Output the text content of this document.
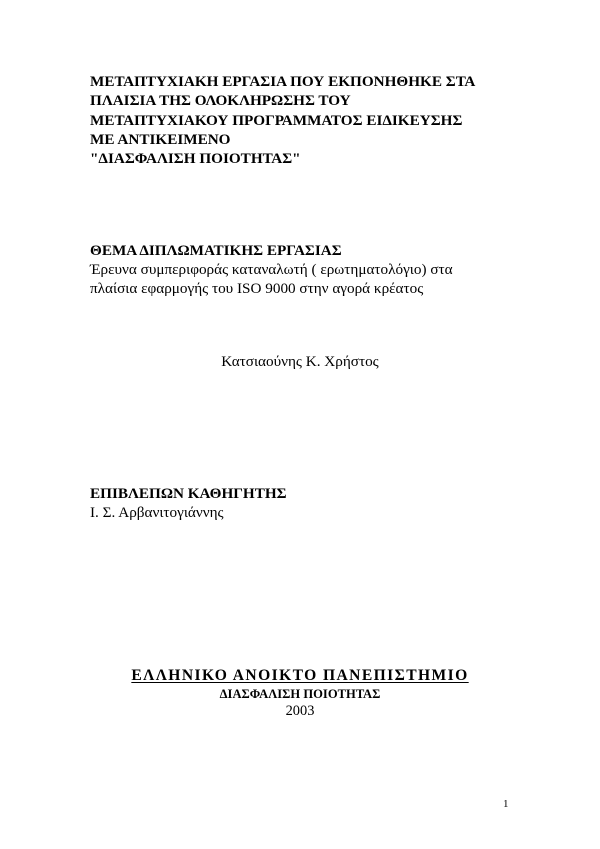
ΜΕΤΑΠΤΥΧΙΑΚΗ ΕΡΓΑΣΙΑ ΠΟΥ ΕΚΠΟΝΗΘΗΚΕ ΣΤΑ
ΠΛΑΙΣΙΑ ΤΗΣ ΟΛΟΚΛΗΡΩΣΗΣ ΤΟΥ
ΜΕΤΑΠΤΥΧΙΑΚΟΥ ΠΡΟΓΡΑΜΜΑΤΟΣ ΕΙΔΙΚΕΥΣΗΣ
ΜΕ ΑΝΤΙΚΕΙΜΕΝΟ
"ΔΙΑΣΦΑΛΙΣΗ ΠΟΙΟΤΗΤΑΣ"
ΘΕΜΑ ΔΙΠΛΩΜΑΤΙΚΗΣ ΕΡΓΑΣΙΑΣ
Έρευνα συμπεριφοράς καταναλωτή ( ερωτηματολόγιο) στα
πλαίσια εφαρμογής του ISO 9000 στην αγορά κρέατος
Κατσιαούνης Κ. Χρήστος
ΕΠΙΒΛΕΠΩΝ ΚΑΘΗΓΗΤΗΣ
Ι. Σ. Αρβανιτογιάννης
ΕΛΛΗΝΙΚΟ ΑΝΟΙΚΤΟ ΠΑΝΕΠΙΣΤΗΜΙΟ
ΔΙΑΣΦΑΛΙΣΗ ΠΟΙΟΤΗΤΑΣ
2003
1
